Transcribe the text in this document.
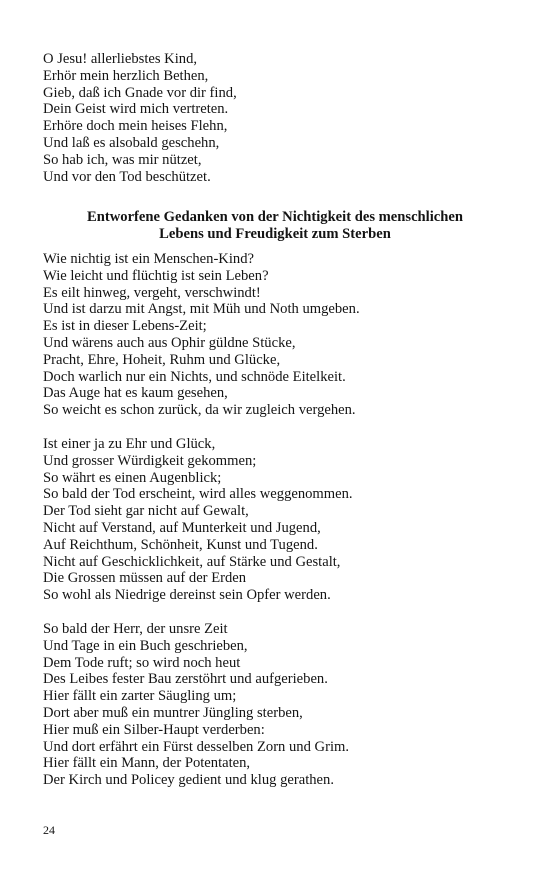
O Jesu! allerliebstes Kind,
Erhör mein herzlich Bethen,
Gieb, daß ich Gnade vor dir find,
Dein Geist wird mich vertreten.
Erhöre doch mein heises Flehn,
Und laß es alsobald geschehn,
So hab ich, was mir nützet,
Und vor den Tod beschützet.
Entworfene Gedanken von der Nichtigkeit des menschlichen
Lebens und Freudigkeit zum Sterben
Wie nichtig ist ein Menschen-Kind?
Wie leicht und flüchtig ist sein Leben?
Es eilt hinweg, vergeht, verschwindt!
Und ist darzu mit Angst, mit Müh und Noth umgeben.
Es ist in dieser Lebens-Zeit;
Und wärens auch aus Ophir güldne Stücke,
Pracht, Ehre, Hoheit, Ruhm und Glücke,
Doch warlich nur ein Nichts, und schnöde Eitelkeit.
Das Auge hat es kaum gesehen,
So weicht es schon zurück, da wir zugleich vergehen.
Ist einer ja zu Ehr und Glück,
Und grosser Würdigkeit gekommen;
So währt es einen Augenblick;
So bald der Tod erscheint, wird alles weggenommen.
Der Tod sieht gar nicht auf Gewalt,
Nicht auf Verstand, auf Munterkeit und Jugend,
Auf Reichthum, Schönheit, Kunst und Tugend.
Nicht auf Geschicklichkeit, auf Stärke und Gestalt,
Die Grossen müssen auf der Erden
So wohl als Niedrige dereinst sein Opfer werden.
So bald der Herr, der unsre Zeit
Und Tage in ein Buch geschrieben,
Dem Tode ruft; so wird noch heut
Des Leibes fester Bau zerstöhrt und aufgerieben.
Hier fällt ein zarter Säugling um;
Dort aber muß ein muntrer Jüngling sterben,
Hier muß ein Silber-Haupt verderben:
Und dort erfährt ein Fürst desselben Zorn und Grim.
Hier fällt ein Mann, der Potentaten,
Der Kirch und Policey gedient und klug gerathen.
24
